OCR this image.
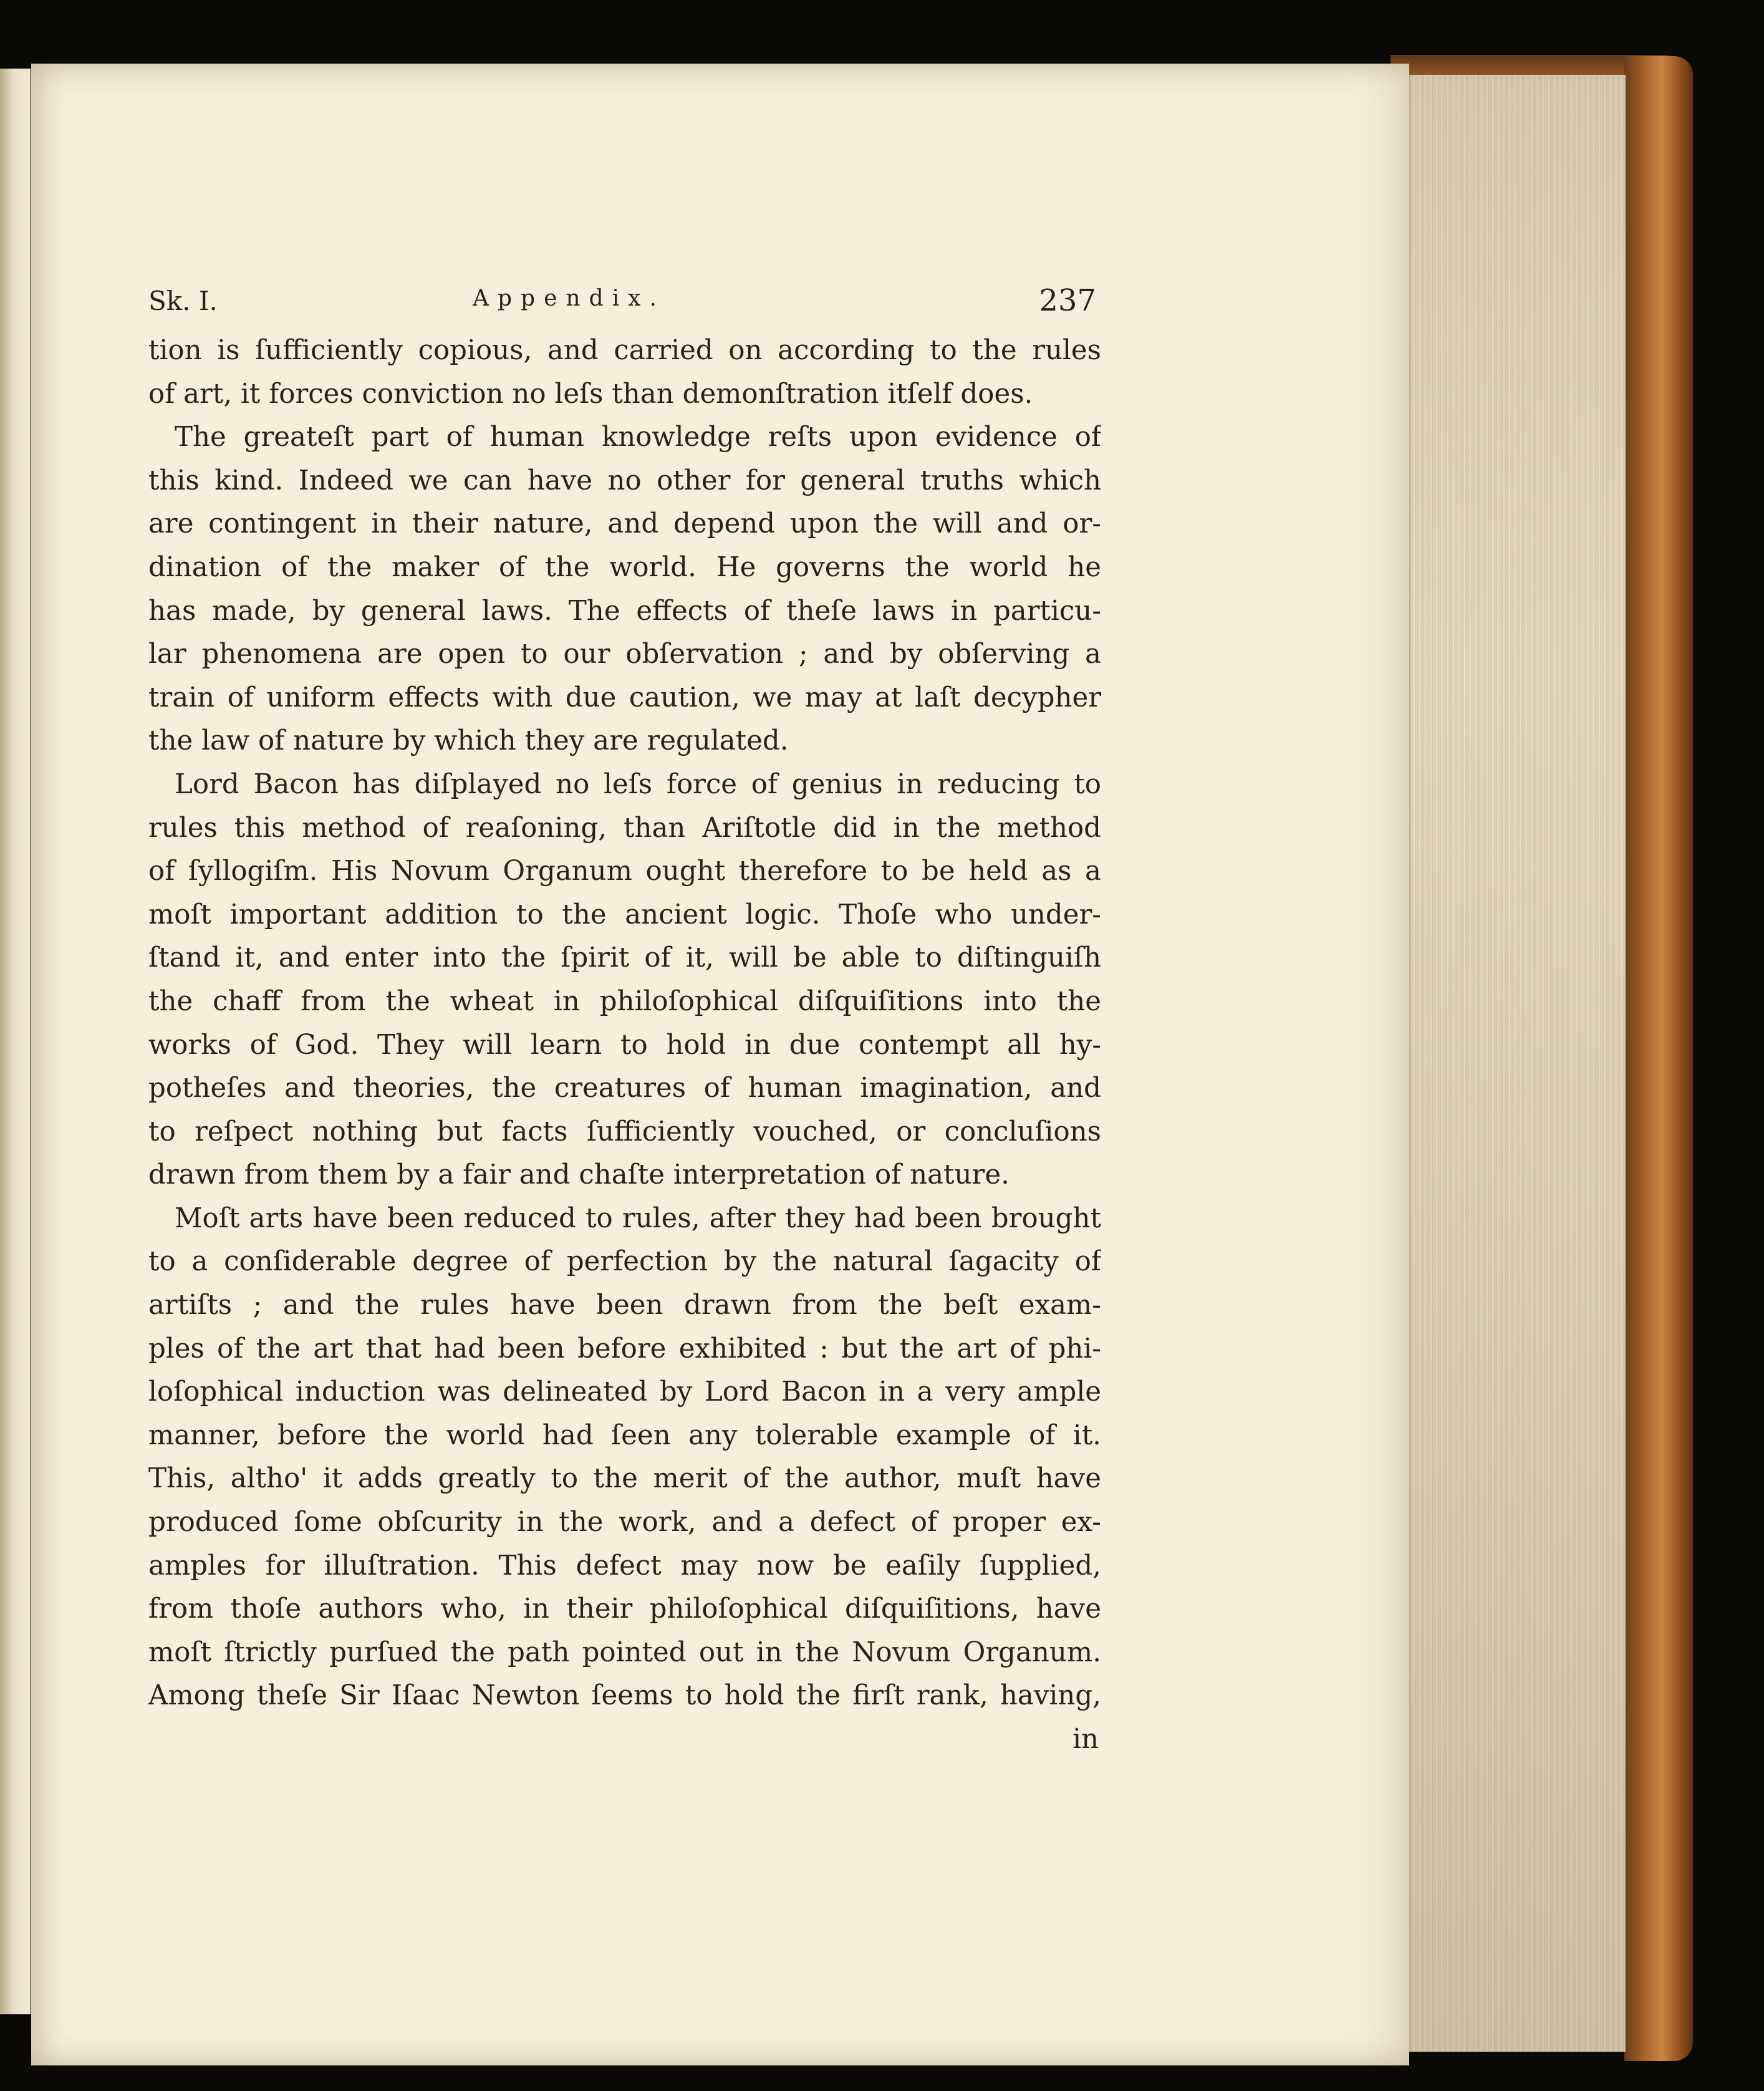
Sk. I.	Appendix.	237
tion is ſufficiently copious, and carried on according to the rules
of art, it forces conviction no leſs than demonſtration itſelf does.
The greateſt part of human knowledge reſts upon evidence of
this kind. Indeed we can have no other for general truths which
are contingent in their nature, and depend upon the will and or-
dination of the maker of the world. He governs the world he
has made, by general laws. The effects of theſe laws in particu-
lar phenomena are open to our obſervation ; and by obſerving a
train of uniform effects with due caution, we may at laſt decypher
the law of nature by which they are regulated.
Lord Bacon has diſplayed no leſs force of genius in reducing to
rules this method of reaſoning, than Ariſtotle did in the method
of ſyllogiſm. His Novum Organum ought therefore to be held as a
moſt important addition to the ancient logic. Thoſe who under-
ſtand it, and enter into the ſpirit of it, will be able to diſtinguiſh
the chaff from the wheat in philoſophical diſquiſitions into the
works of God. They will learn to hold in due contempt all hy-
potheſes and theories, the creatures of human imagination, and
to reſpect nothing but facts ſufficiently vouched, or concluſions
drawn from them by a fair and chaſte interpretation of nature.
Moſt arts have been reduced to rules, after they had been brought
to a conſiderable degree of perfection by the natural ſagacity of
artiſts ; and the rules have been drawn from the beſt exam-
ples of the art that had been before exhibited : but the art of phi-
loſophical induction was delineated by Lord Bacon in a very ample
manner, before the world had ſeen any tolerable example of it.
This, altho' it adds greatly to the merit of the author, muſt have
produced ſome obſcurity in the work, and a defect of proper ex-
amples for illuſtration. This defect may now be eaſily ſupplied,
from thoſe authors who, in their philoſophical diſquiſitions, have
moſt ſtrictly purſued the path pointed out in the Novum Organum.
Among theſe Sir Iſaac Newton ſeems to hold the firſt rank, having,
in
